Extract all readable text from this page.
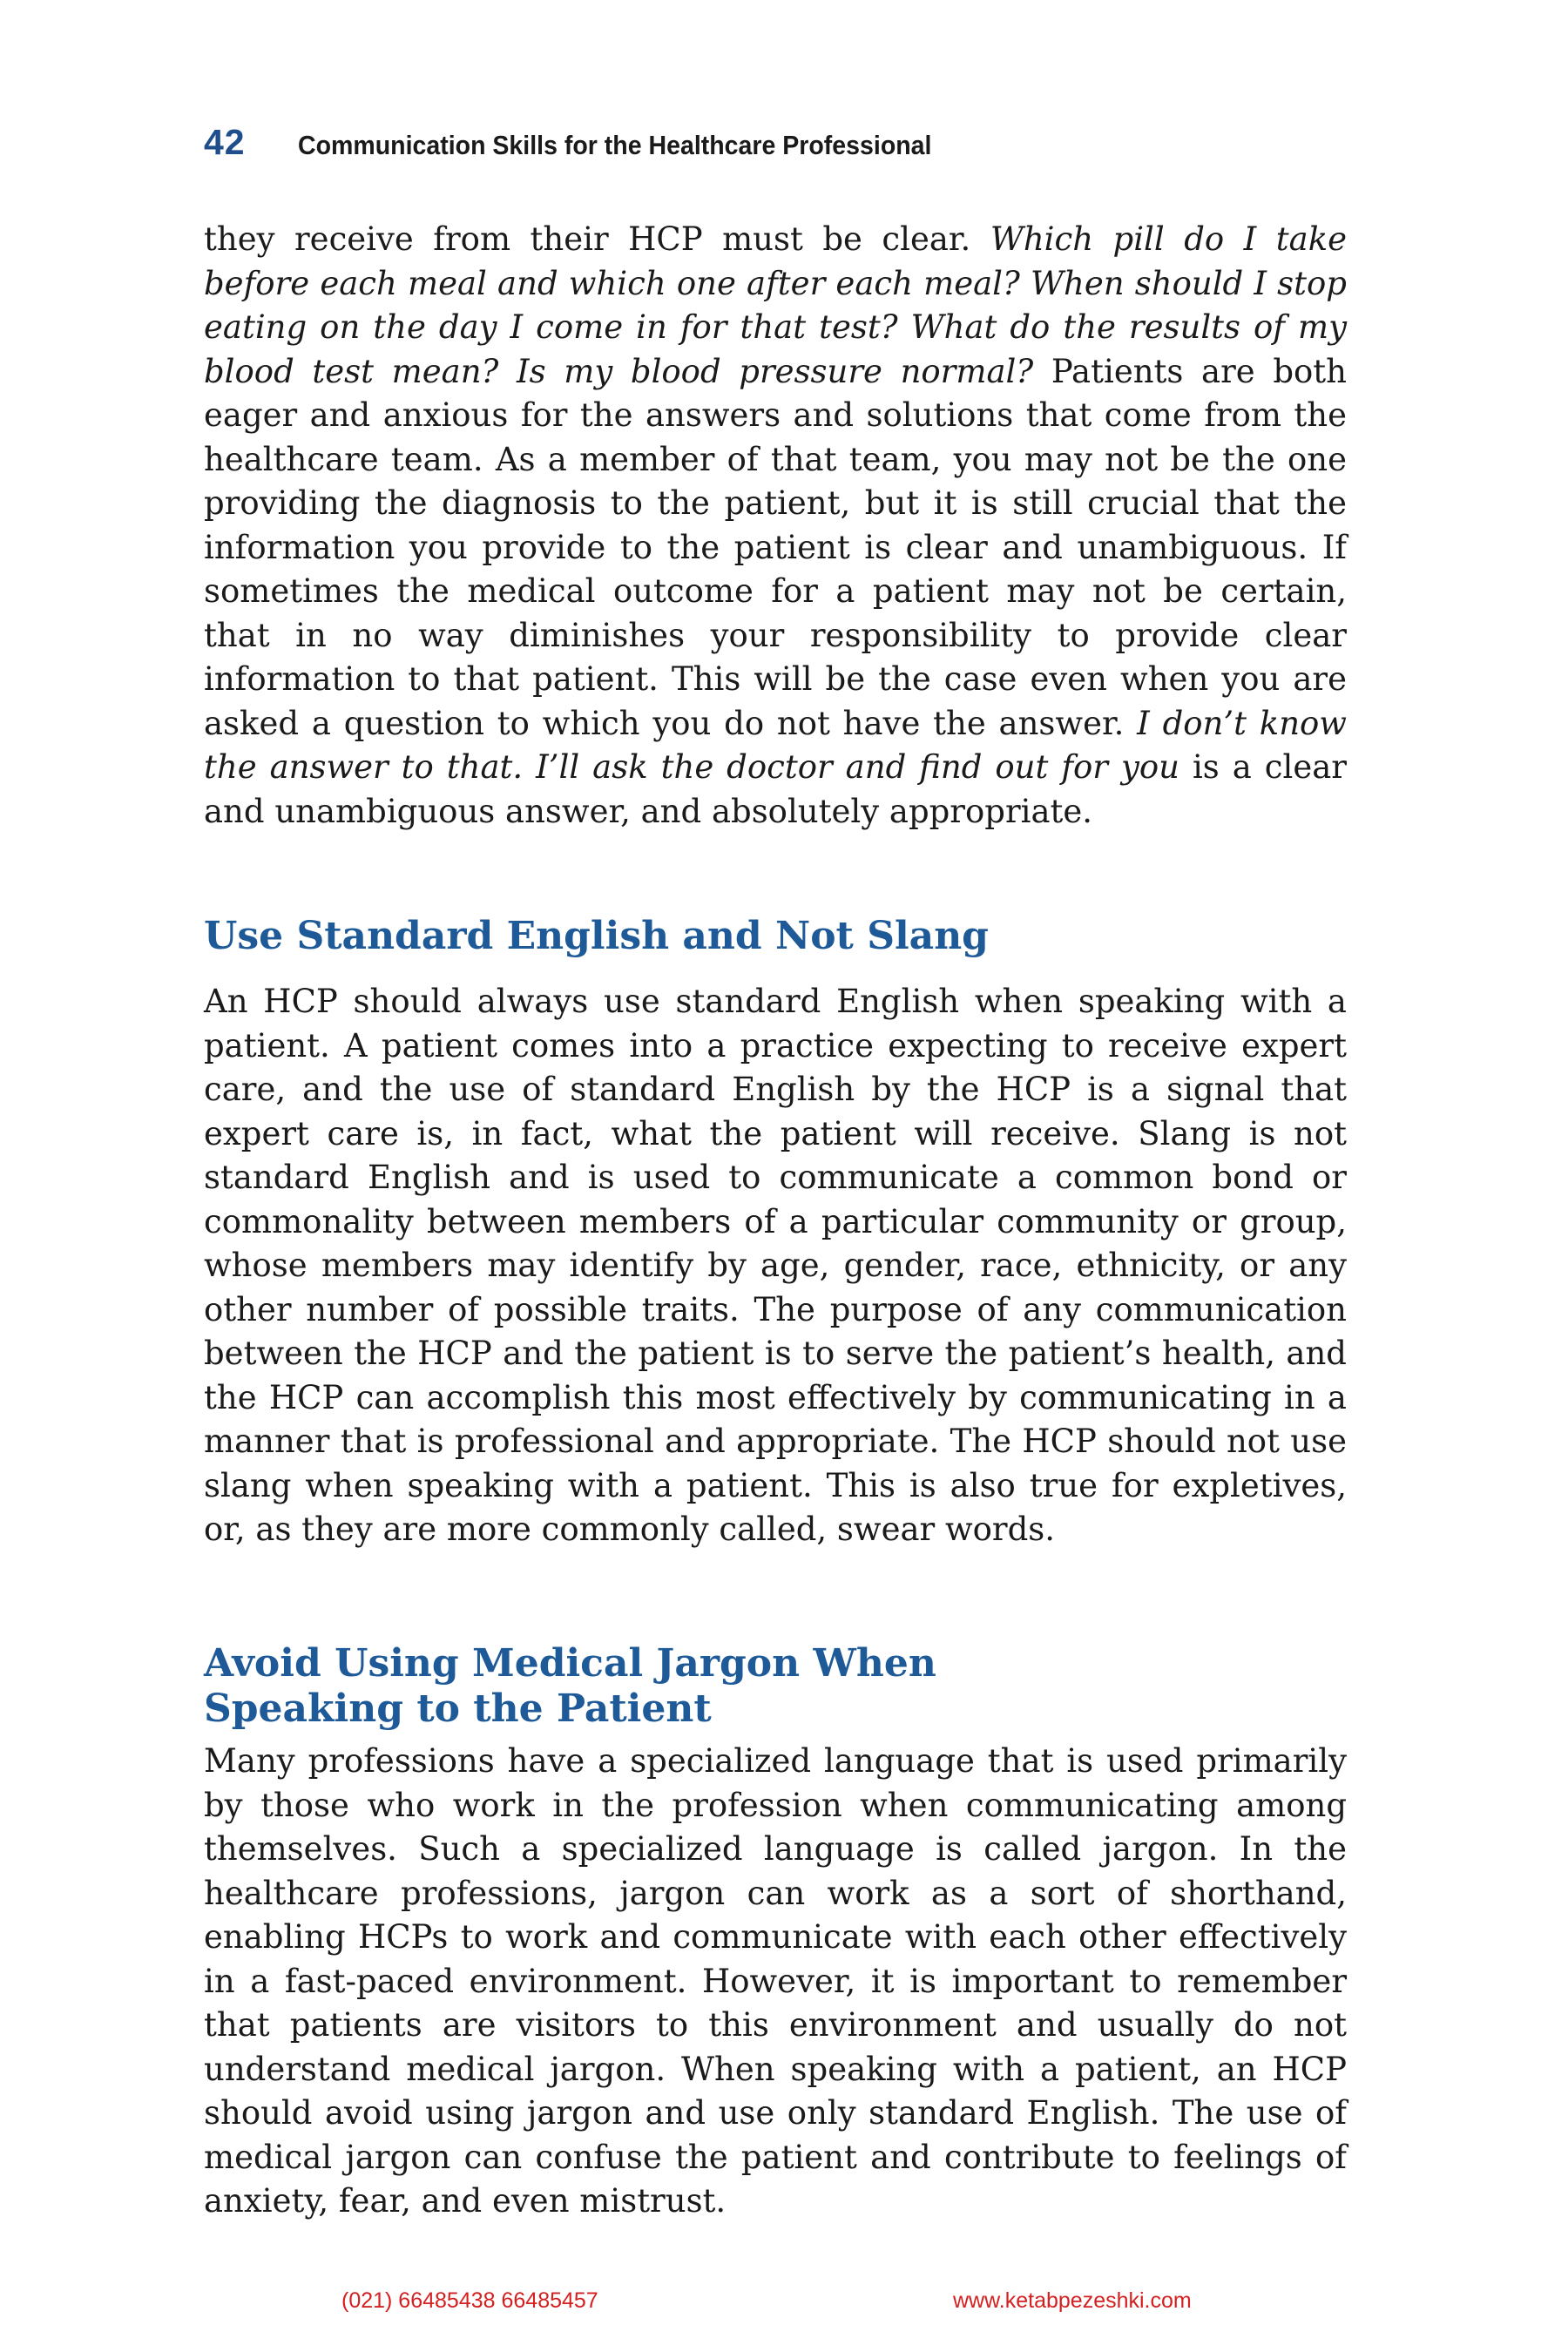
42 Communication Skills for the Healthcare Professional

they receive from their HCP must be clear. Which pill do I take before each meal and which one after each meal? When should I stop eating on the day I come in for that test? What do the results of my blood test mean? Is my blood pressure normal? Patients are both eager and anxious for the answers and solutions that come from the healthcare team. As a member of that team, you may not be the one providing the diagnosis to the patient, but it is still crucial that the information you provide to the patient is clear and unambiguous. If sometimes the medical outcome for a patient may not be certain, that in no way diminishes your responsibility to provide clear information to that patient. This will be the case even when you are asked a question to which you do not have the answer. I don’t know the answer to that. I’ll ask the doctor and find out for you is a clear and unambiguous answer, and absolutely appropriate.

Use Standard English and Not Slang

An HCP should always use standard English when speaking with a patient. A patient comes into a practice expecting to receive expert care, and the use of standard English by the HCP is a signal that expert care is, in fact, what the patient will receive. Slang is not standard English and is used to communicate a common bond or commonality between members of a particular community or group, whose members may identify by age, gender, race, ethnicity, or any other number of possible traits. The purpose of any communication between the HCP and the patient is to serve the patient’s health, and the HCP can accomplish this most effectively by communicating in a manner that is professional and appropriate. The HCP should not use slang when speaking with a patient. This is also true for expletives, or, as they are more commonly called, swear words.

Avoid Using Medical Jargon When
Speaking to the Patient

Many professions have a specialized language that is used primarily by those who work in the profession when communicating among themselves. Such a specialized language is called jargon. In the healthcare professions, jargon can work as a sort of shorthand, enabling HCPs to work and communicate with each other effectively in a fast-paced environment. However, it is important to remember that patients are visitors to this environment and usually do not understand medical jargon. When speaking with a patient, an HCP should avoid using jargon and use only standard English. The use of medical jargon can confuse the patient and contribute to feelings of anxiety, fear, and even mistrust.

(021) 66485438 66485457	www.ketabpezeshki.com
